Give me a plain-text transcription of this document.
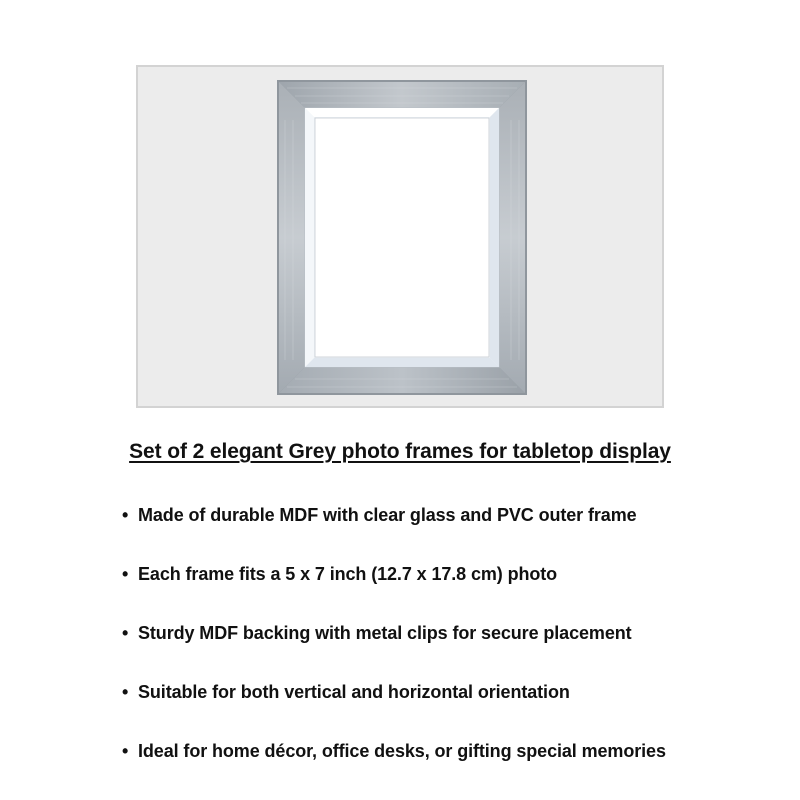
Set of 2 elegant Grey photo frames for tabletop display
• Made of durable MDF with clear glass and PVC outer frame
• Each frame fits a 5 x 7 inch (12.7 x 17.8 cm) photo
• Sturdy MDF backing with metal clips for secure placement
• Suitable for both vertical and horizontal orientation
• Ideal for home décor, office desks, or gifting special memories
